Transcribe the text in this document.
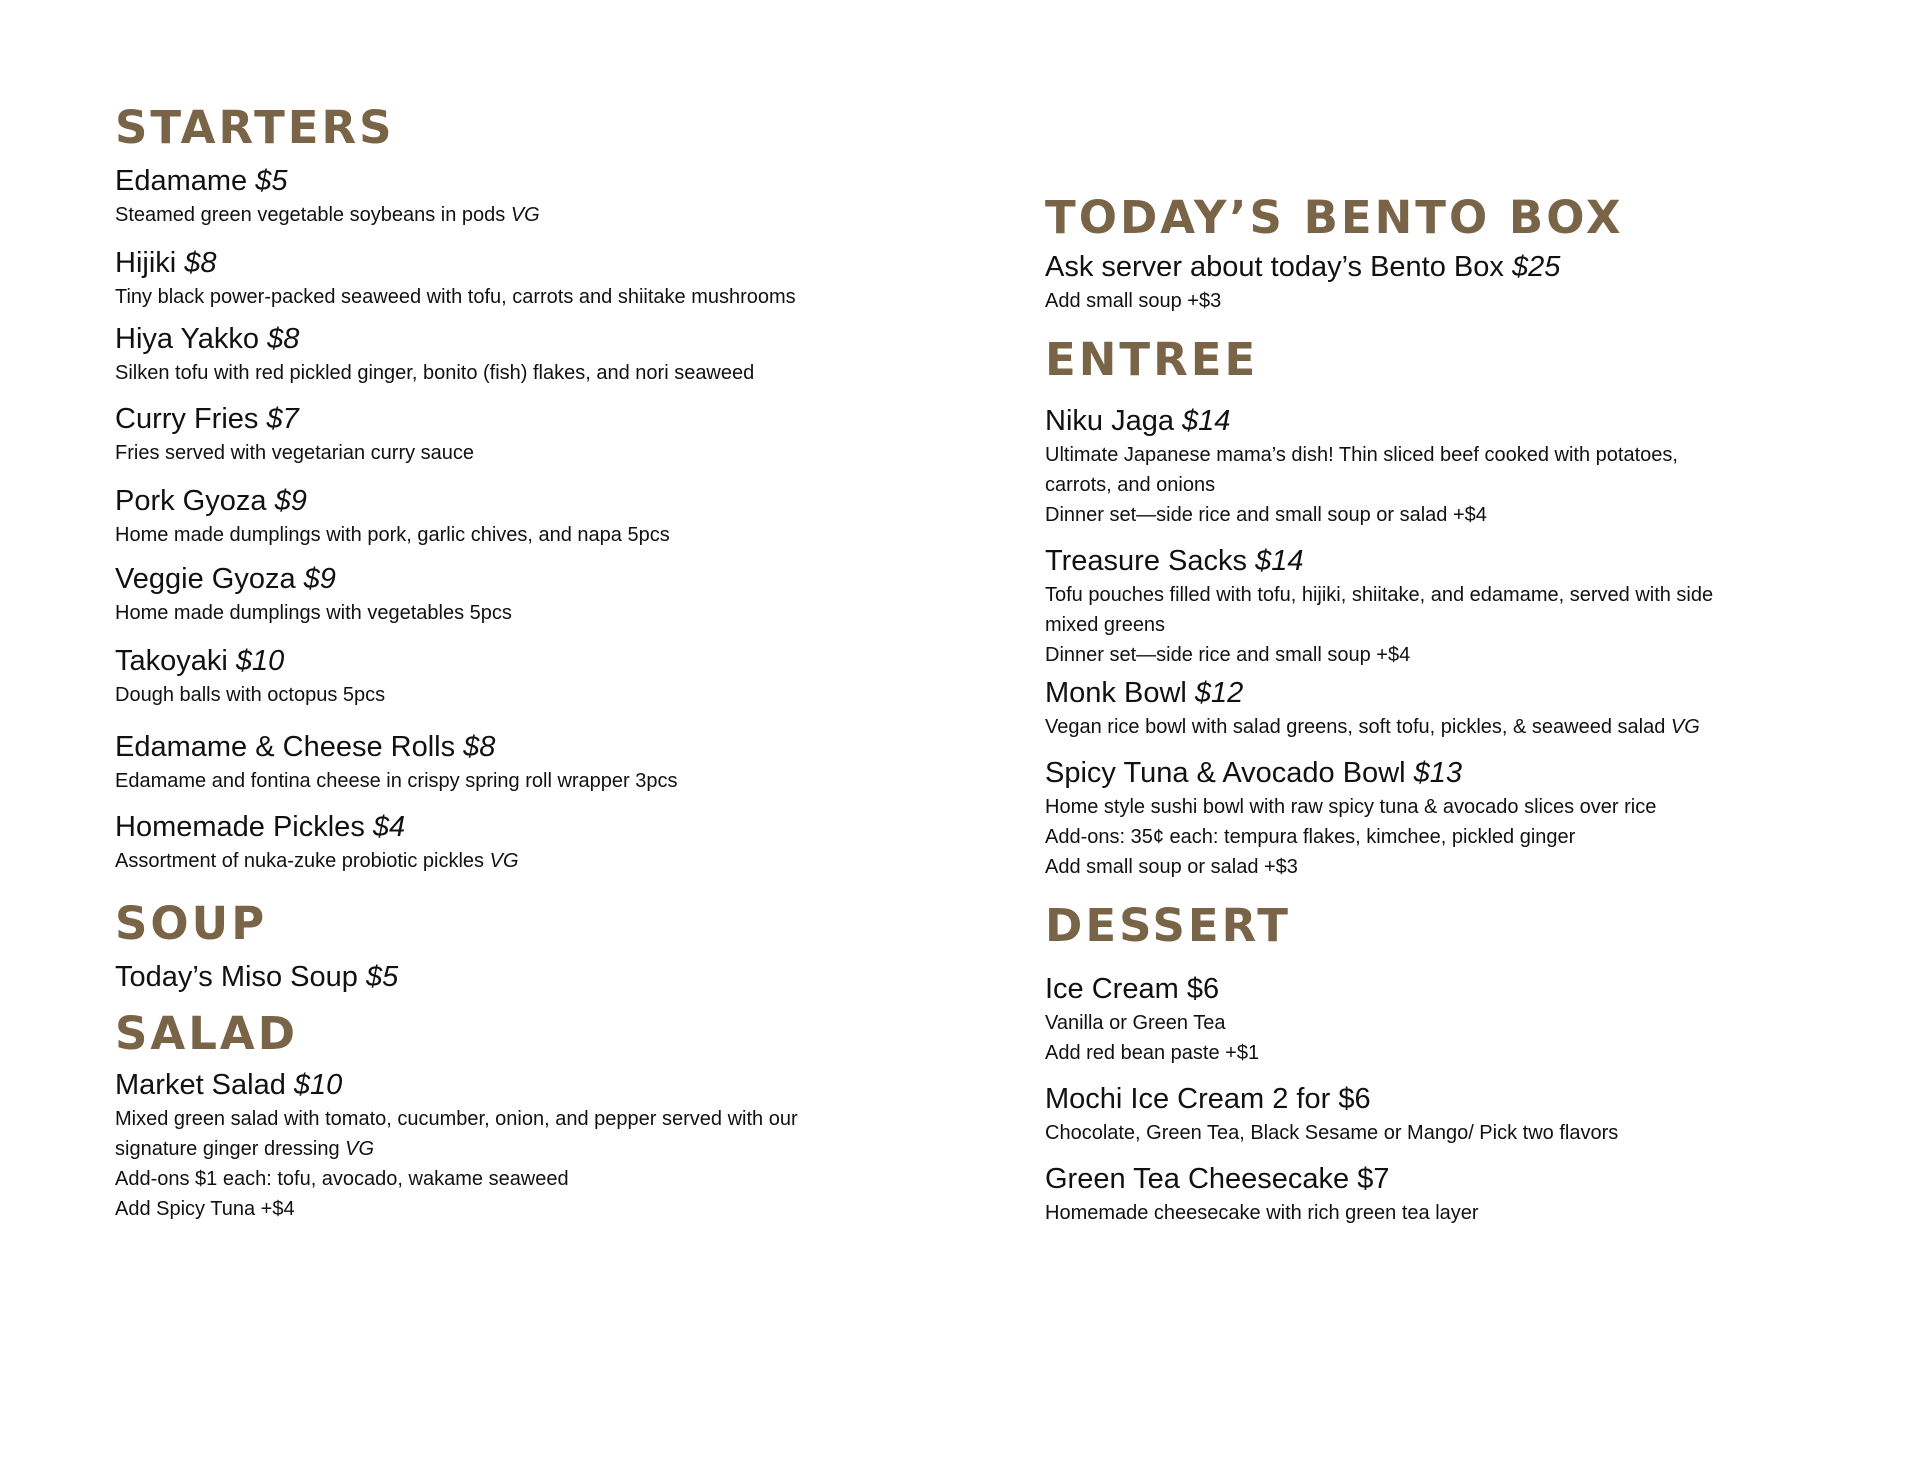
STARTERS
Edamame $5
Steamed green vegetable soybeans in pods VG
Hijiki $8
Tiny black power-packed seaweed with tofu, carrots and shiitake mushrooms
Hiya Yakko $8
Silken tofu with red pickled ginger, bonito (fish) flakes, and nori seaweed
Curry Fries $7
Fries served with vegetarian curry sauce
Pork Gyoza $9
Home made dumplings with pork, garlic chives, and napa 5pcs
Veggie Gyoza $9
Home made dumplings with vegetables 5pcs
Takoyaki $10
Dough balls with octopus 5pcs
Edamame & Cheese Rolls $8
Edamame and fontina cheese in crispy spring roll wrapper 3pcs
Homemade Pickles $4
Assortment of nuka-zuke probiotic pickles VG
SOUP
Today’s Miso Soup $5
SALAD
Market Salad $10
Mixed green salad with tomato, cucumber, onion, and pepper served with our
signature ginger dressing VG
Add-ons $1 each: tofu, avocado, wakame seaweed
Add Spicy Tuna +$4
TODAY’S BENTO BOX
Ask server about today’s Bento Box $25
Add small soup +$3
ENTREE
Niku Jaga $14
Ultimate Japanese mama’s dish! Thin sliced beef cooked with potatoes,
carrots, and onions
Dinner set—side rice and small soup or salad +$4
Treasure Sacks $14
Tofu pouches filled with tofu, hijiki, shiitake, and edamame, served with side
mixed greens
Dinner set—side rice and small soup +$4
Monk Bowl $12
Vegan rice bowl with salad greens, soft tofu, pickles, & seaweed salad VG
Spicy Tuna & Avocado Bowl $13
Home style sushi bowl with raw spicy tuna & avocado slices over rice
Add-ons: 35¢ each: tempura flakes, kimchee, pickled ginger
Add small soup or salad +$3
DESSERT
Ice Cream $6
Vanilla or Green Tea
Add red bean paste +$1
Mochi Ice Cream 2 for $6
Chocolate, Green Tea, Black Sesame or Mango/ Pick two flavors
Green Tea Cheesecake $7
Homemade cheesecake with rich green tea layer
